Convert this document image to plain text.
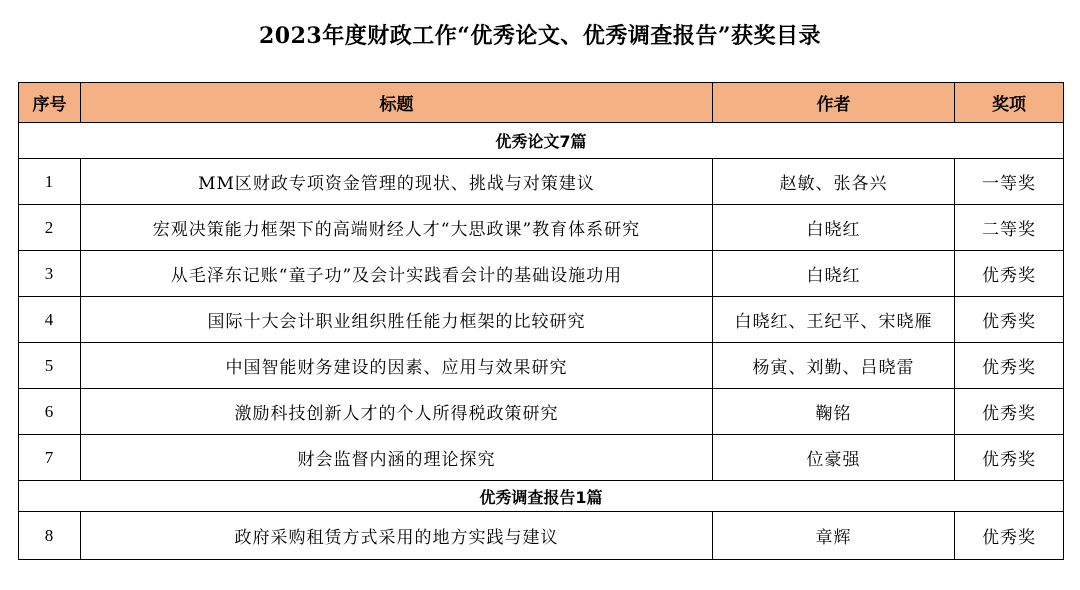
2023年度财政工作“优秀论文、优秀调查报告”获奖目录
序号	标题	作者	奖项
优秀论文7篇			
1	MM区财政专项资金管理的现状、挑战与对策建议	赵敏、张各兴	一等奖
2	宏观决策能力框架下的高端财经人才“大思政课”教育体系研究	白晓红	二等奖
3	从毛泽东记账“童子功”及会计实践看会计的基础设施功用	白晓红	优秀奖
4	国际十大会计职业组织胜任能力框架的比较研究	白晓红、王纪平、宋晓雁	优秀奖
5	中国智能财务建设的因素、应用与效果研究	杨寅、刘勤、吕晓雷	优秀奖
6	激励科技创新人才的个人所得税政策研究	鞠铭	优秀奖
7	财会监督内涵的理论探究	位豪强	优秀奖
优秀调查报告1篇			
8	政府采购租赁方式采用的地方实践与建议	章辉	优秀奖
